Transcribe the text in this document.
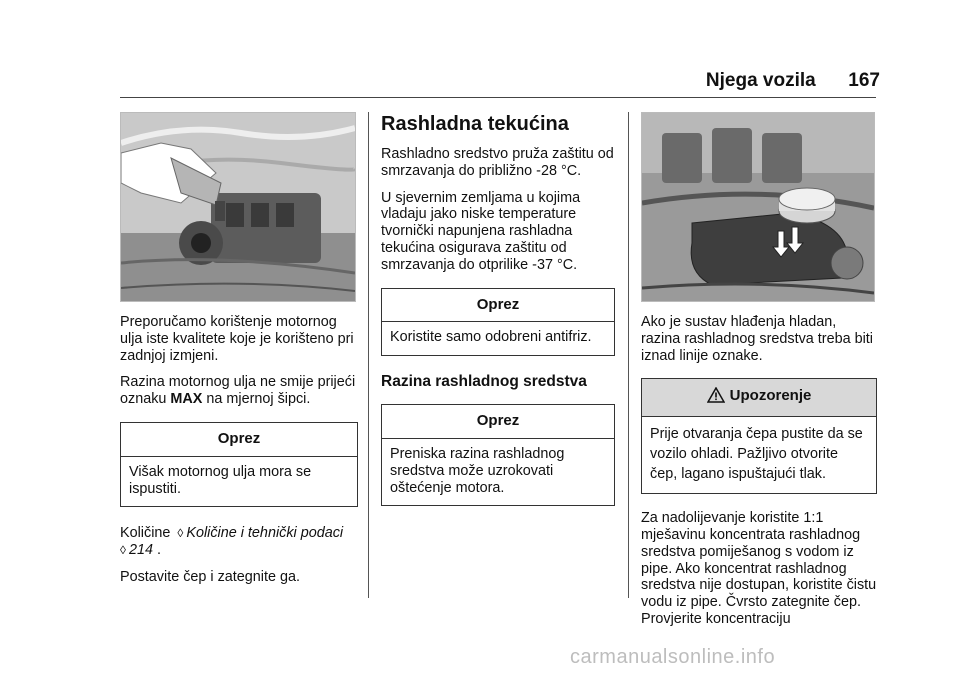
Njega vozila 167

Preporučamo korištenje motornog ulja iste kvalitete koje je korišteno pri zadnjoj izmjeni.

Razina motornog ulja ne smije prijeći oznaku MAX na mjernoj šipci.

Oprez
Višak motornog ulja mora se ispustiti.

Količine ◊ Količine i tehnički podaci
◊ 214 .

Postavite čep i zategnite ga.

Rashladna tekućina

Rashladno sredstvo pruža zaštitu od smrzavanja do približno -28 °C.

U sjevernim zemljama u kojima vladaju jako niske temperature tvornički napunjena rashladna tekućina osigurava zaštitu od smrzavanja do otprilike -37 °C.

Oprez
Koristite samo odobreni antifriz.
Razina rashladnog sredstva
Oprez
Preniska razina rashladnog sredstva može uzrokovati oštećenje motora.

Ako je sustav hlađenja hladan, razina rashladnog sredstva treba biti iznad linije oznake.

Upozorenje
Prije otvaranja čepa pustite da se vozilo ohladi. Pažljivo otvorite čep, lagano ispuštajući tlak.

Za nadolijevanje koristite 1:1 mješavinu koncentrata rashladnog sredstva pomiješanog s vodom iz pipe. Ako koncentrat rashladnog sredstva nije dostupan, koristite čistu vodu iz pipe. Čvrsto zategnite čep. Provjerite koncentraciju

carmanualsonline.info
